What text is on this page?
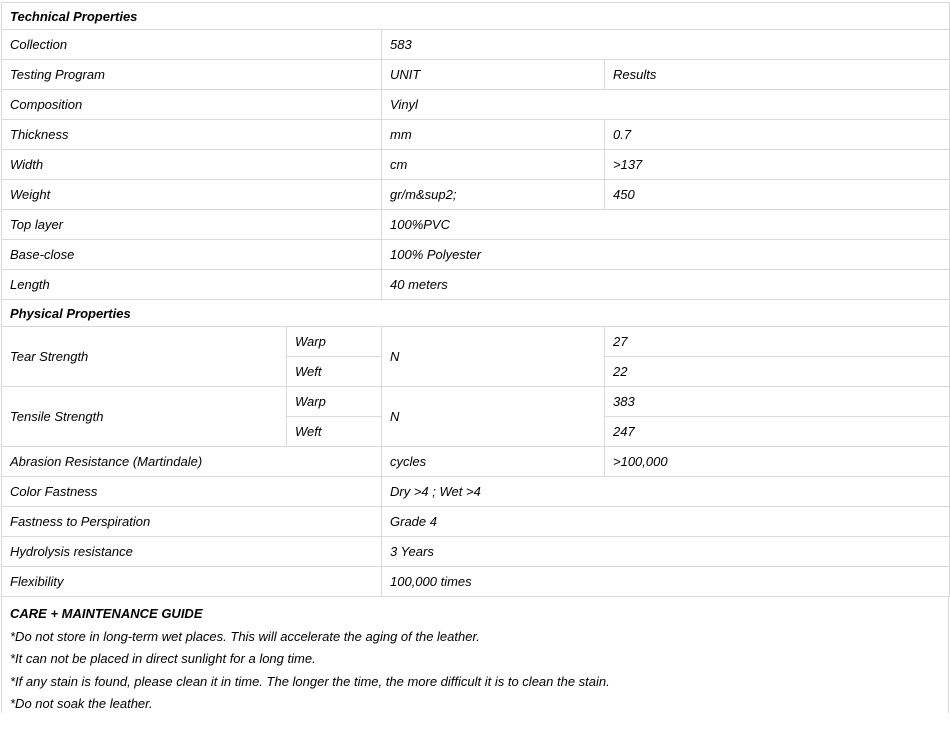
Technical Properties			
Collection		583	
Testing Program		UNIT	Results
Composition		Vinyl	
Thickness		mm	0.7
Width		cm	>137
Weight		gr/m&sup2;	450
Top layer		100%PVC	
Base-close		100% Polyester	
Length		40 meters	
Physical Properties			
Tear Strength	Warp	N	27
	Weft		22
Tensile Strength	Warp	N	383
	Weft		247
Abrasion Resistance (Martindale)		cycles	>100,000
Color Fastness		Dry >4 ; Wet >4	
Fastness to Perspiration		Grade 4	
Hydrolysis resistance		3 Years	
Flexibility		100,000 times	
CARE + MAINTENANCE GUIDE
*Do not store in long-term wet places. This will accelerate the aging of the leather.
*It can not be placed in direct sunlight for a long time.
*If any stain is found, please clean it in time. The longer the time, the more difficult it is to clean the stain.
*Do not soak the leather.
